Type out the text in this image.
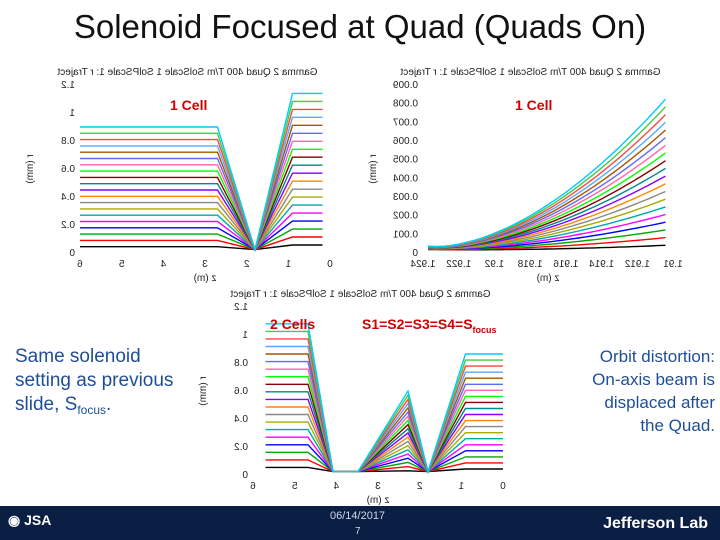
Solenoid Focused at Quad (Quads On)
Gamma 2 Quad 400 T/m SolScale 1 SolPScale 1: r Traject
0
0.2
0.4
0.6
0.8
1
1.2
0
1
2
3
4
5
6
z (m)
r (mm)
Gamma 2 Quad 400 T/m SolScale 1 SolPScale 1: r Traject
0
0.001
0.002
0.003
0.004
0.005
0.006
0.007
0.008
0.009
1.91
1.912
1.914
1.916
1.918
1.92
1.922
1.924
z (m)
r (mm)
Gamma 2 Quad 400 T/m SolScale 1 SolPScale 1: r Traject
0
0.2
0.4
0.6
0.8
1
1.2
0
1
2
3
4
5
6
z (m)
r (mm)
1 Cell	1 Cell
2 Cells	$S1=S2=S3=S4=S_{focus}$
Same solenoid
setting as previous
slide, $S_{focus}$.
Orbit distortion:
On-axis beam is
displaced after
the Quad.
◉ JSA	06/14/2017
7	Jefferson Lab
